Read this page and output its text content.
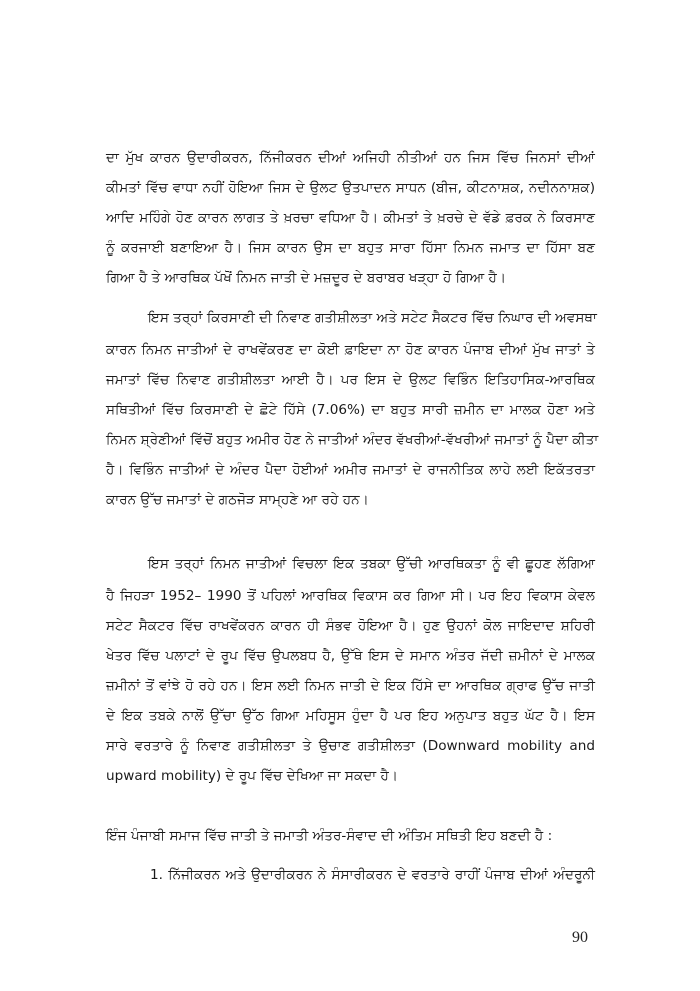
ਦਾ ਮੁੱਖ ਕਾਰਨ ਉਦਾਰੀਕਰਨ, ਨਿੱਜੀਕਰਨ ਦੀਆਂ ਅਜਿਹੀ ਨੀਤੀਆਂ ਹਨ ਜਿਸ ਵਿੱਚ ਜਿਨਸਾਂ ਦੀਆਂ
ਕੀਮਤਾਂ ਵਿੱਚ ਵਾਧਾ ਨਹੀਂ ਹੋਇਆ ਜਿਸ ਦੇ ਉਲਟ ਉਤਪਾਦਨ ਸਾਧਨ (ਬੀਜ, ਕੀਟਨਾਸ਼ਕ, ਨਦੀਨਨਾਸ਼ਕ)
ਆਦਿ ਮਹਿੰਗੇ ਹੋਣ ਕਾਰਨ ਲਾਗਤ ਤੇ ਖ਼ਰਚਾ ਵਧਿਆ ਹੈ। ਕੀਮਤਾਂ ਤੇ ਖ਼ਰਚੇ ਦੇ ਵੱਡੇ ਫ਼ਰਕ ਨੇ ਕਿਰਸਾਣ
ਨੂੰ ਕਰਜਾਈ ਬਣਾਇਆ ਹੈ। ਜਿਸ ਕਾਰਨ ਉਸ ਦਾ ਬਹੁਤ ਸਾਰਾ ਹਿੱਸਾ ਨਿਮਨ ਜਮਾਤ ਦਾ ਹਿੱਸਾ ਬਣ
ਗਿਆ ਹੈ ਤੇ ਆਰਥਿਕ ਪੱਖੋਂ ਨਿਮਨ ਜਾਤੀ ਦੇ ਮਜ਼ਦੂਰ ਦੇ ਬਰਾਬਰ ਖੜ੍ਹਾ ਹੋ ਗਿਆ ਹੈ।
ਇਸ ਤਰ੍ਹਾਂ ਕਿਰਸਾਣੀ ਦੀ ਨਿਵਾਣ ਗਤੀਸ਼ੀਲਤਾ ਅਤੇ ਸਟੇਟ ਸੈਕਟਰ ਵਿੱਚ ਨਿਘਾਰ ਦੀ ਅਵਸਥਾ
ਕਾਰਨ ਨਿਮਨ ਜਾਤੀਆਂ ਦੇ ਰਾਖਵੇਂਕਰਣ ਦਾ ਕੋਈ ਫ਼ਾਇਦਾ ਨਾ ਹੋਣ ਕਾਰਨ ਪੰਜਾਬ ਦੀਆਂ ਮੁੱਖ ਜਾਤਾਂ ਤੇ
ਜਮਾਤਾਂ ਵਿੱਚ ਨਿਵਾਣ ਗਤੀਸ਼ੀਲਤਾ ਆਈ ਹੈ। ਪਰ ਇਸ ਦੇ ਉਲਟ ਵਿਭਿੰਨ ਇਤਿਹਾਸਿਕ-ਆਰਥਿਕ
ਸਥਿਤੀਆਂ ਵਿੱਚ ਕਿਰਸਾਣੀ ਦੇ ਛੋਟੇ ਹਿੱਸੇ (7.06%) ਦਾ ਬਹੁਤ ਸਾਰੀ ਜ਼ਮੀਨ ਦਾ ਮਾਲਕ ਹੋਣਾ ਅਤੇ
ਨਿਮਨ ਸ਼੍ਰੇਣੀਆਂ ਵਿੱਚੋਂ ਬਹੁਤ ਅਮੀਰ ਹੋਣ ਨੇ ਜਾਤੀਆਂ ਅੰਦਰ ਵੱਖਰੀਆਂ-ਵੱਖਰੀਆਂ ਜਮਾਤਾਂ ਨੂੰ ਪੈਦਾ ਕੀਤਾ
ਹੈ। ਵਿਭਿੰਨ ਜਾਤੀਆਂ ਦੇ ਅੰਦਰ ਪੈਦਾ ਹੋਈਆਂ ਅਮੀਰ ਜਮਾਤਾਂ ਦੇ ਰਾਜਨੀਤਿਕ ਲਾਹੇ ਲਈ ਇਕੱਤਰਤਾ
ਕਾਰਨ ਉੱਚ ਜਮਾਤਾਂ ਦੇ ਗਠਜੋੜ ਸਾਮ੍ਹਣੇ ਆ ਰਹੇ ਹਨ।
ਇਸ ਤਰ੍ਹਾਂ ਨਿਮਨ ਜਾਤੀਆਂ ਵਿਚਲਾ ਇਕ ਤਬਕਾ ਉੱਚੀ ਆਰਥਿਕਤਾ ਨੂੰ ਵੀ ਛੂਹਣ ਲੱਗਿਆ
ਹੈ ਜਿਹੜਾ 1952– 1990 ਤੋਂ ਪਹਿਲਾਂ ਆਰਥਿਕ ਵਿਕਾਸ ਕਰ ਗਿਆ ਸੀ। ਪਰ ਇਹ ਵਿਕਾਸ ਕੇਵਲ
ਸਟੇਟ ਸੈਕਟਰ ਵਿੱਚ ਰਾਖਵੇਂਕਰਨ ਕਾਰਨ ਹੀ ਸੰਭਵ ਹੋਇਆ ਹੈ। ਹੁਣ ਉਹਨਾਂ ਕੋਲ ਜਾਇਦਾਦ ਸ਼ਹਿਰੀ
ਖੇਤਰ ਵਿੱਚ ਪਲਾਟਾਂ ਦੇ ਰੂਪ ਵਿੱਚ ਉਪਲਬਧ ਹੈ, ਉੱਥੇ ਇਸ ਦੇ ਸਮਾਨ ਅੰਤਰ ਜੱਦੀ ਜ਼ਮੀਨਾਂ ਦੇ ਮਾਲਕ
ਜ਼ਮੀਨਾਂ ਤੋਂ ਵਾਂਝੇ ਹੋ ਰਹੇ ਹਨ। ਇਸ ਲਈ ਨਿਮਨ ਜਾਤੀ ਦੇ ਇਕ ਹਿੱਸੇ ਦਾ ਆਰਥਿਕ ਗ੍ਰਾਫ ਉੱਚ ਜਾਤੀ
ਦੇ ਇਕ ਤਬਕੇ ਨਾਲੋਂ ਉੱਚਾ ਉੱਠ ਗਿਆ ਮਹਿਸੂਸ ਹੁੰਦਾ ਹੈ ਪਰ ਇਹ ਅਨੁਪਾਤ ਬਹੁਤ ਘੱਟ ਹੈ। ਇਸ
ਸਾਰੇ ਵਰਤਾਰੇ ਨੂੰ ਨਿਵਾਣ ਗਤੀਸ਼ੀਲਤਾ ਤੇ ਉਚਾਣ ਗਤੀਸ਼ੀਲਤਾ (Downward mobility and
upward mobility) ਦੇ ਰੂਪ ਵਿੱਚ ਦੇਖਿਆ ਜਾ ਸਕਦਾ ਹੈ।
ਇੰਜ ਪੰਜਾਬੀ ਸਮਾਜ ਵਿੱਚ ਜਾਤੀ ਤੇ ਜਮਾਤੀ ਅੰਤਰ-ਸੰਵਾਦ ਦੀ ਅੰਤਿਮ ਸਥਿਤੀ ਇਹ ਬਣਦੀ ਹੈ :
1. ਨਿੱਜੀਕਰਨ ਅਤੇ ਉਦਾਰੀਕਰਨ ਨੇ ਸੰਸਾਰੀਕਰਨ ਦੇ ਵਰਤਾਰੇ ਰਾਹੀਂ ਪੰਜਾਬ ਦੀਆਂ ਅੰਦਰੂਨੀ
90
